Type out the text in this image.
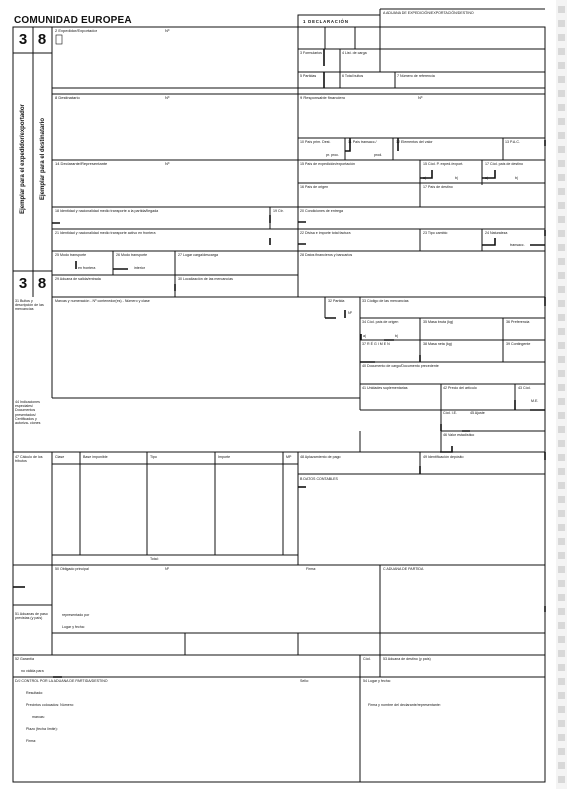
COMUNIDAD EUROPEA
A ADUANA DE EXPEDICIÓN/EXPORTACIÓN/DESTINO
1 DECLARACIÓN
3 8
3 8
Ejemplar para el expedidor/exportador Ejemplar para el destinatario
2 Expedidor/Exportador	Nº
3 Formularios	4 List. de carga
5 Partidas	6 Total bultos	7 Número de referencia
8 Destinatario	Nº	9 Responsable financiero	Nº
10 País prim. Dest.
pr. proc.
11 País transacc./
prod.
12 Elementos del valor	13 P.A.C.
14 Declarante/Representante	Nº	15 País de expedición/exportación	15 Cód. P. exped./export.
a|	b|
17 Cód. país de destino
a|	b|
16 País de origen	17 País de destino
18 Identidad y nacionalidad medio transporte a la partida/llegada	19 Ctr.	20 Condiciones de entrega
21 Identidad y nacionalidad medio transporte activo en frontera	22 Divisa e importe total factura	23 Tipo cambio	24 Naturaleza
transacc.
25 Modo transporte
en frontera
26 Modo transporte
interior
27 Lugar carga/descarga	28 Datos financieros y bancarios
29 Aduana de salida/entrada	30 Localización de las mercancías
31 Bultos y descripción de las mercancías
Marcas y numeración - Nº contenedor(es) - Número y clase	32 Partida
Nº
33 Código de las mercancías
34 Cód. país de origen
a|	b|
35 Masa bruta (kg)	36 Preferencia
37 R É G I M E N	38 Masa neta (kg)	39 Contingente
40 Documento de cargo/Documento precedente
41 Unidades suplementarias	42 Precio del artículo	43 Cód.
M.E.
44 Indicaciones especiales/ Documentos presentados/ Certificados y autoriza- ciones
Cód. I.E.	45 Ajuste
46 Valor estadístico
47 Cálculo de los tributos
Clase	Base imponible	Tipo	Importe	MP
Total:
48 Aplazamiento de pago	49 Identificación depósito
B DATOS CONTABLES
50 Obligado principal	Nº	Firma:	C ADUANA DE PARTIDA
51 Aduanas de paso previstas (y país)
representado por
Lugar y fecha:
52 Garantía
no válida para
Cód.	53 Aduana de destino (y país)
D/J CONTROL POR LA ADUANA DE PARTIDA/DESTINO
Resultado:
Precintos colocados: Número:
marcas:
Plazo (fecha límite):
Firma:
Sello:	54 Lugar y fecha:
Firma y nombre del declarante/representante:
